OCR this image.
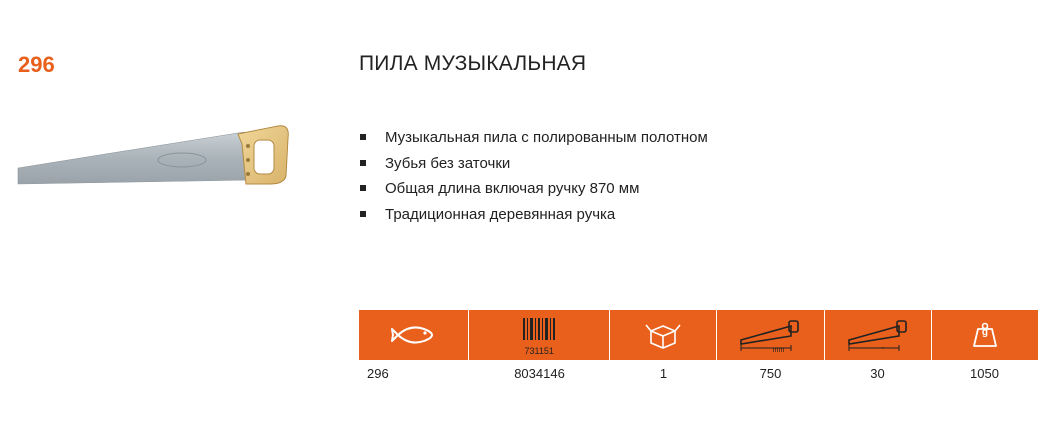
296	ПИЛА МУЗЫКАЛЬНАЯ
Музыкальная пила с полированным полотном
Зубья без заточки
Общая длина включая ручку 870 мм
Традиционная деревянная ручка
731151	mm	"
g
296	8034146	1	750	30	1050
